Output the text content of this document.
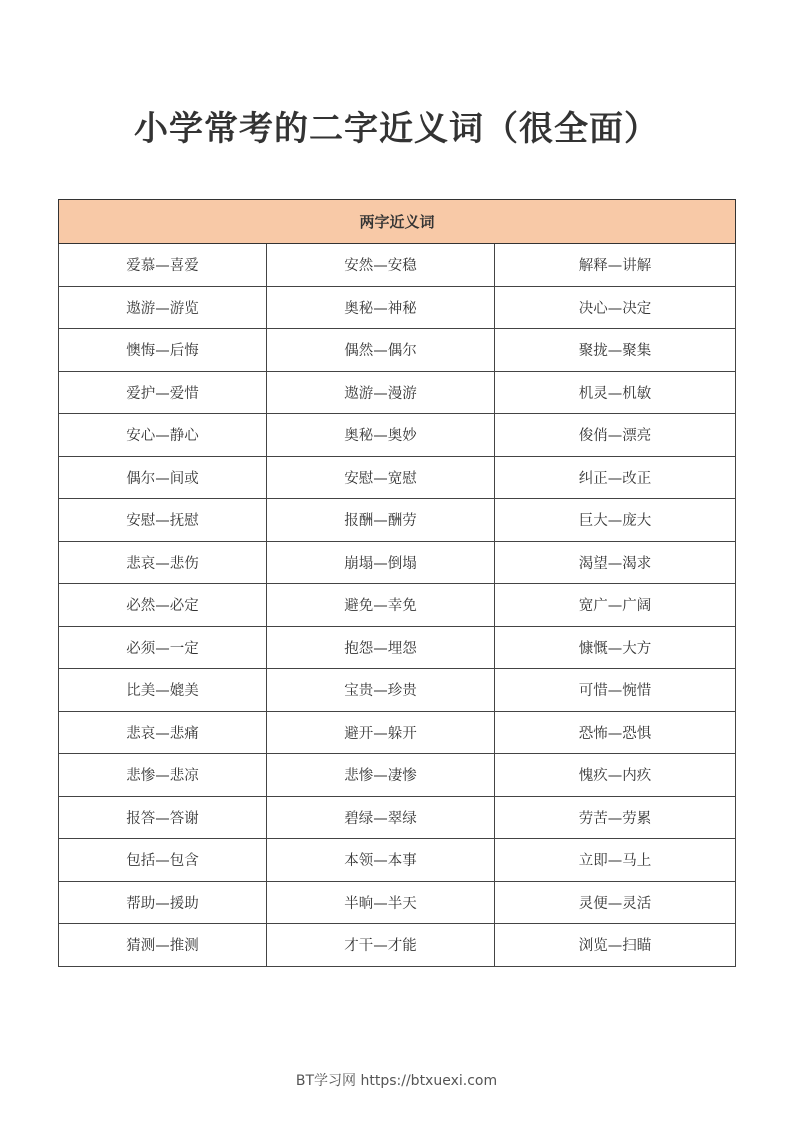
小学常考的二字近义词（很全面）
两字近义词		
爱慕—喜爱	安然—安稳	解释—讲解
遨游—游览	奥秘—神秘	决心—决定
懊悔—后悔	偶然—偶尔	聚拢—聚集
爱护—爱惜	遨游—漫游	机灵—机敏
安心—静心	奥秘—奥妙	俊俏—漂亮
偶尔—间或	安慰—宽慰	纠正—改正
安慰—抚慰	报酬—酬劳	巨大—庞大
悲哀—悲伤	崩塌—倒塌	渴望—渴求
必然—必定	避免—幸免	宽广—广阔
必须—一定	抱怨—埋怨	慷慨—大方
比美—媲美	宝贵—珍贵	可惜—惋惜
悲哀—悲痛	避开—躲开	恐怖—恐惧
悲惨—悲凉	悲惨—凄惨	愧疚—内疚
报答—答谢	碧绿—翠绿	劳苦—劳累
包括—包含	本领—本事	立即—马上
帮助—援助	半晌—半天	灵便—灵活
猜测—推测	才干—才能	浏览—扫瞄
BT学习网 https://btxuexi.com
